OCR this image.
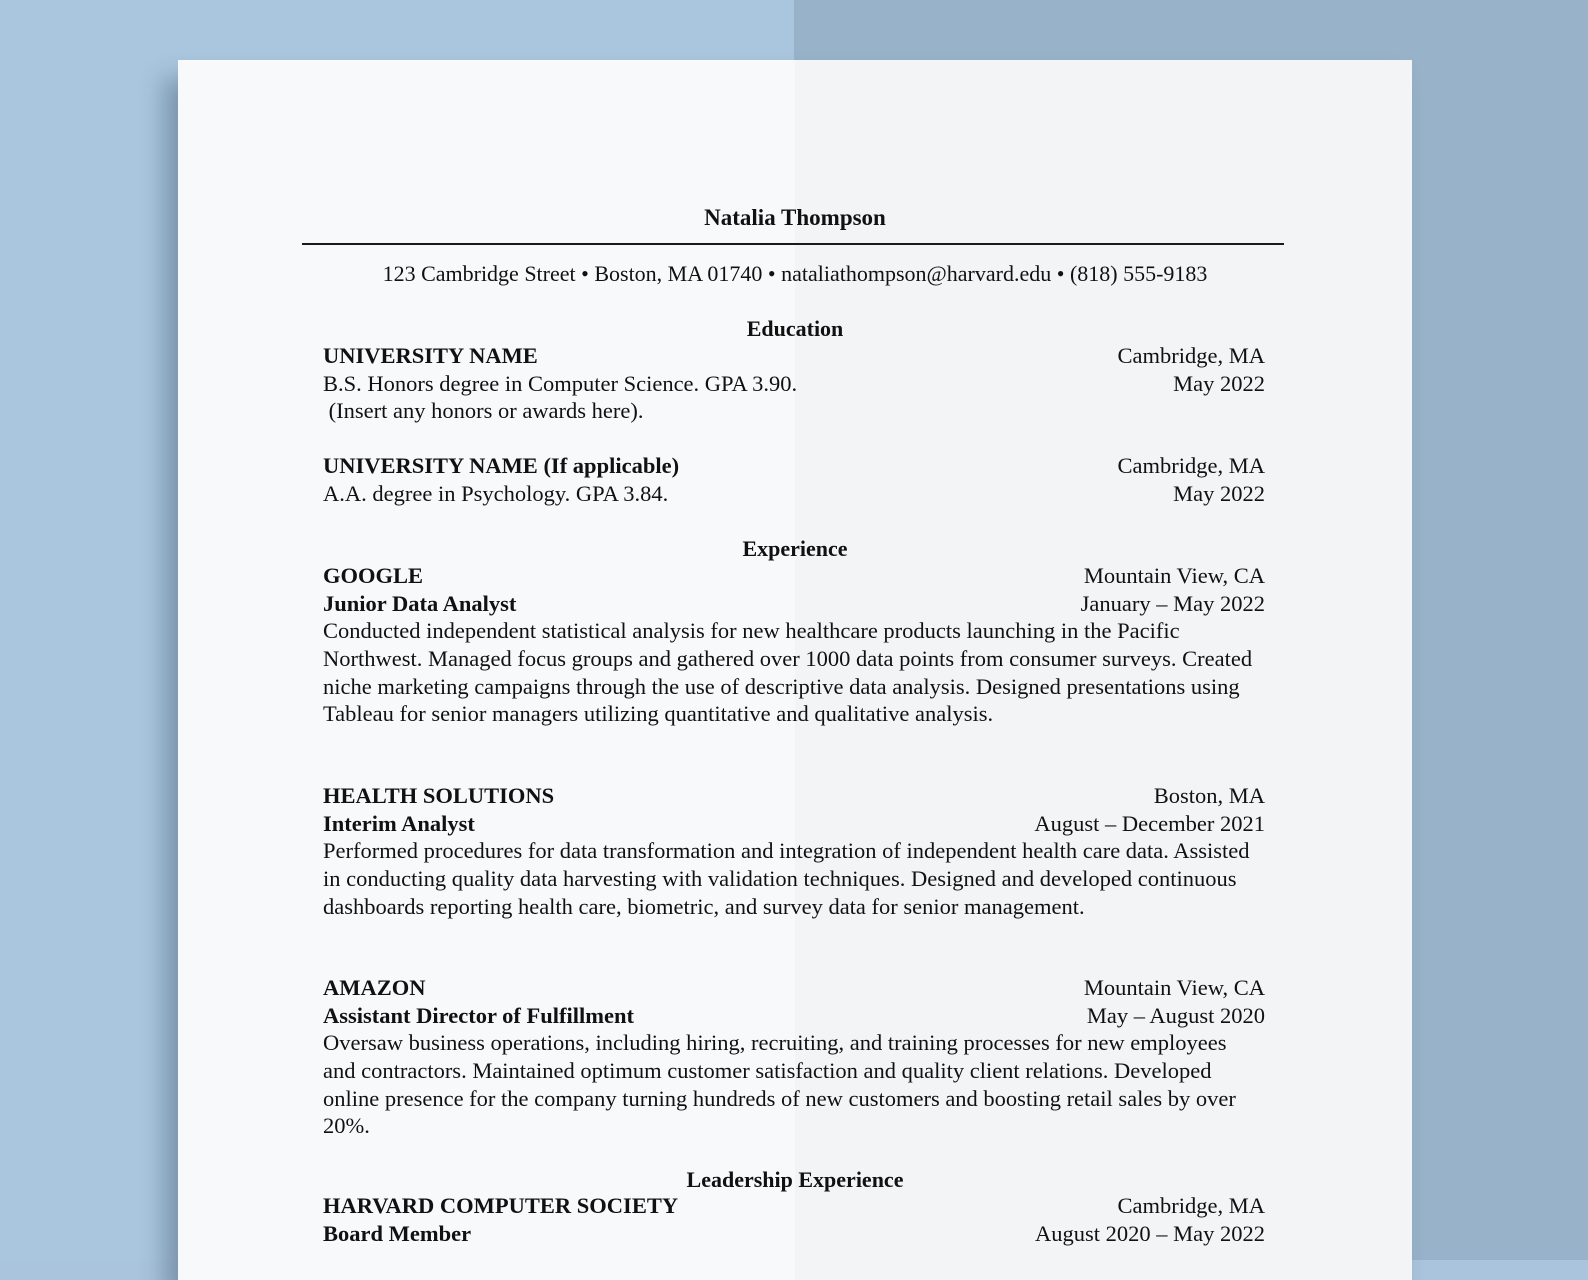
Natalia Thompson
123 Cambridge Street • Boston, MA 01740 • nataliathompson@harvard.edu • (818) 555-9183
Education
UNIVERSITY NAME	Cambridge, MA
B.S. Honors degree in Computer Science. GPA 3.90.	May 2022
(Insert any honors or awards here).
UNIVERSITY NAME (If applicable)	Cambridge, MA
A.A. degree in Psychology. GPA 3.84.	May 2022
Experience
GOOGLE	Mountain View, CA
Junior Data Analyst	January – May 2022
Conducted independent statistical analysis for new healthcare products launching in the Pacific Northwest. Managed focus groups and gathered over 1000 data points from consumer surveys. Created niche marketing campaigns through the use of descriptive data analysis. Designed presentations using Tableau for senior managers utilizing quantitative and qualitative analysis.
HEALTH SOLUTIONS	Boston, MA
Interim Analyst	August – December 2021
Performed procedures for data transformation and integration of independent health care data. Assisted in conducting quality data harvesting with validation techniques. Designed and developed continuous dashboards reporting health care, biometric, and survey data for senior management.
AMAZON	Mountain View, CA
Assistant Director of Fulfillment	May – August 2020
Oversaw business operations, including hiring, recruiting, and training processes for new employees and contractors. Maintained optimum customer satisfaction and quality client relations. Developed online presence for the company turning hundreds of new customers and boosting retail sales by over 20%.
Leadership Experience
HARVARD COMPUTER SOCIETY	Cambridge, MA
Board Member	August 2020 – May 2022
